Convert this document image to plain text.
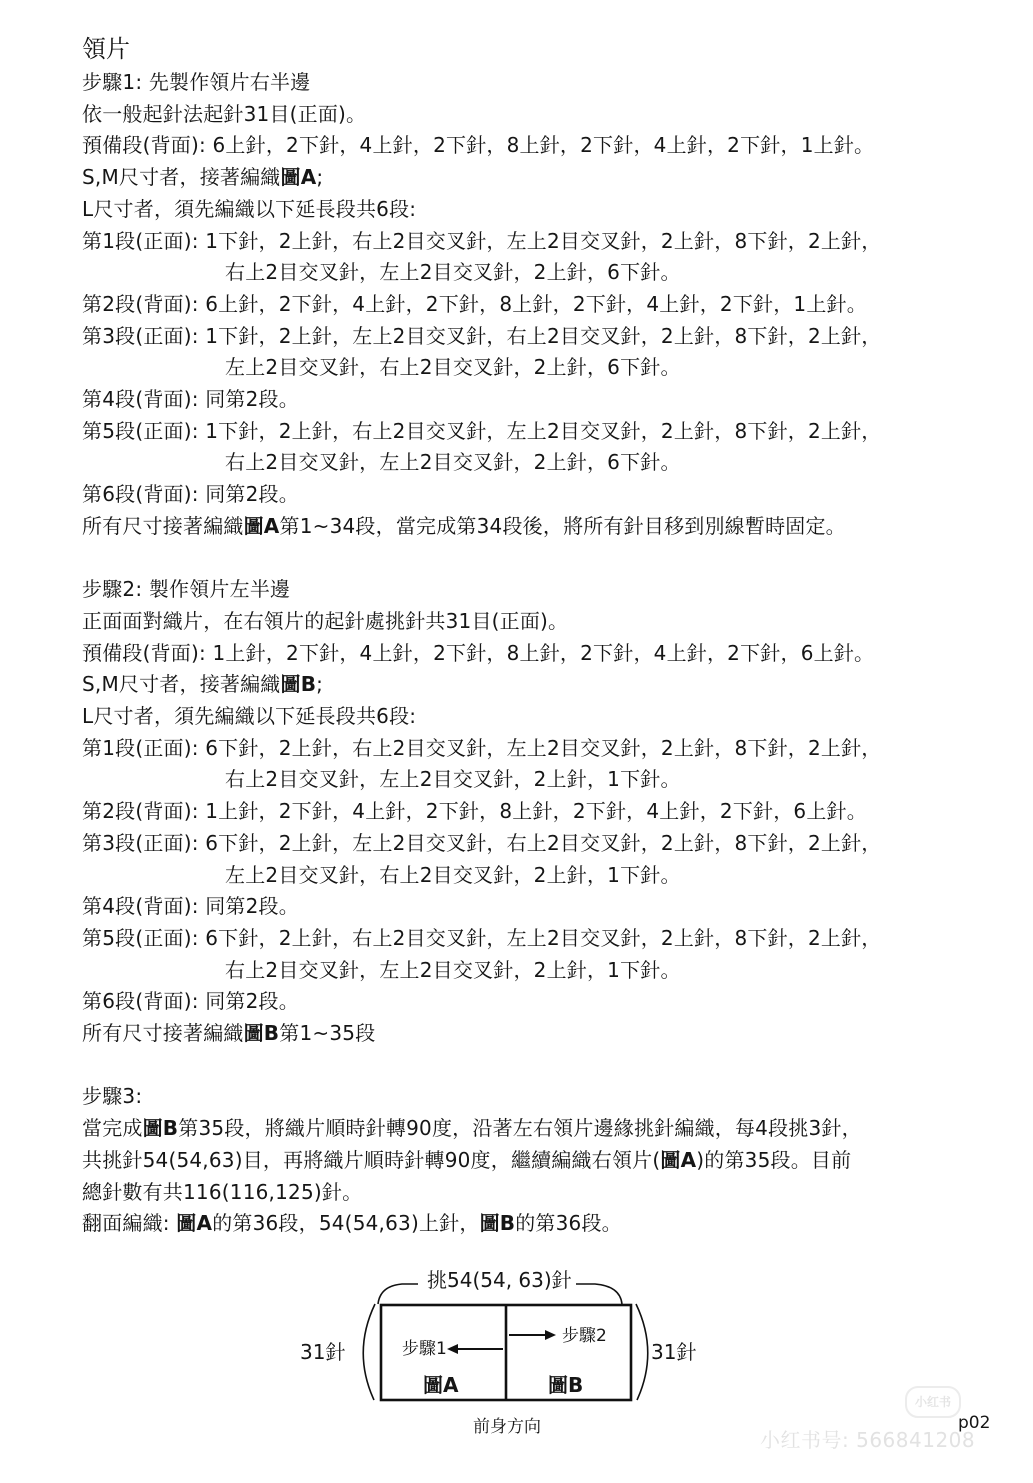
領片
步驟1: 先製作領片右半邊
依一般起針法起針31目(正面)。
預備段(背面): 6上針，2下針，4上針，2下針，8上針，2下針，4上針，2下針，1上針。
S,M尺寸者，接著編織圖A;
L尺寸者，須先編織以下延長段共6段:
第1段(正面): 1下針，2上針，右上2目交叉針，左上2目交叉針，2上針，8下針，2上針，
右上2目交叉針，左上2目交叉針，2上針，6下針。
第2段(背面): 6上針，2下針，4上針，2下針，8上針，2下針，4上針，2下針，1上針。
第3段(正面): 1下針，2上針，左上2目交叉針，右上2目交叉針，2上針，8下針，2上針，
左上2目交叉針，右上2目交叉針，2上針，6下針。
第4段(背面): 同第2段。
第5段(正面): 1下針，2上針，右上2目交叉針，左上2目交叉針，2上針，8下針，2上針，
右上2目交叉針，左上2目交叉針，2上針，6下針。
第6段(背面): 同第2段。
所有尺寸接著編織圖A第1~34段，當完成第34段後，將所有針目移到別線暫時固定。
步驟2: 製作領片左半邊
正面面對織片，在右領片的起針處挑針共31目(正面)。
預備段(背面): 1上針，2下針，4上針，2下針，8上針，2下針，4上針，2下針，6上針。
S,M尺寸者，接著編織圖B;
L尺寸者，須先編織以下延長段共6段:
第1段(正面): 6下針，2上針，右上2目交叉針，左上2目交叉針，2上針，8下針，2上針，
右上2目交叉針，左上2目交叉針，2上針，1下針。
第2段(背面): 1上針，2下針，4上針，2下針，8上針，2下針，4上針，2下針，6上針。
第3段(正面): 6下針，2上針，左上2目交叉針，右上2目交叉針，2上針，8下針，2上針，
左上2目交叉針，右上2目交叉針，2上針，1下針。
第4段(背面): 同第2段。
第5段(正面): 6下針，2上針，右上2目交叉針，左上2目交叉針，2上針，8下針，2上針，
右上2目交叉針，左上2目交叉針，2上針，1下針。
第6段(背面): 同第2段。
所有尺寸接著編織圖B第1~35段
步驟3:
當完成圖B第35段，將織片順時針轉90度，沿著左右領片邊緣挑針編織，每4段挑3針，
共挑針54(54,63)目，再將織片順時針轉90度，繼續編織右領片(圖A)的第35段。目前
總針數有共116(116,125)針。
翻面編織: 圖A的第36段，54(54,63)上針，圖B的第36段。
挑54(54, 63)針
31針	31針
步驟1
步驟2
圖A	圖B
前身方向
小红书
p02
小红书号: 566841208
